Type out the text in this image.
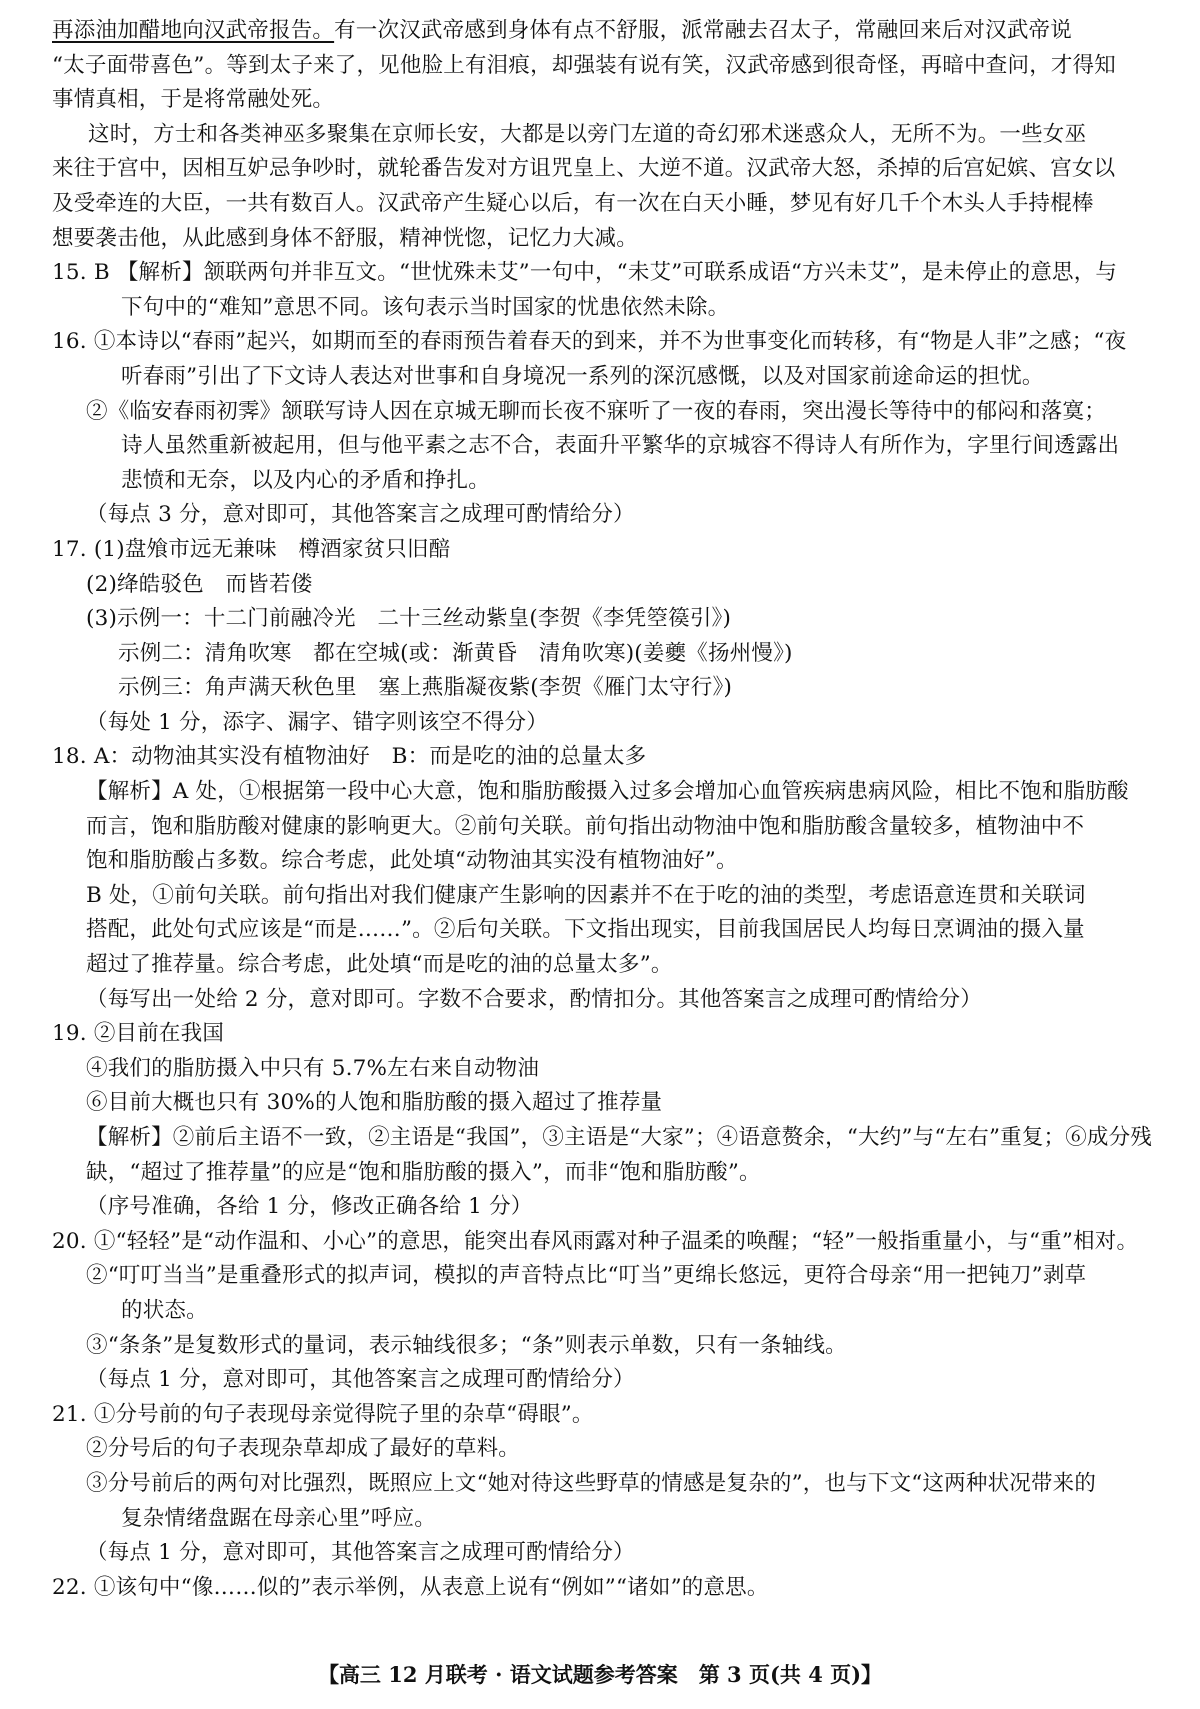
再添油加醋地向汉武帝报告。有一次汉武帝感到身体有点不舒服，派常融去召太子，常融回来后对汉武帝说
“太子面带喜色”。等到太子来了，见他脸上有泪痕，却强装有说有笑，汉武帝感到很奇怪，再暗中查问，才得知
事情真相，于是将常融处死。
这时，方士和各类神巫多聚集在京师长安，大都是以旁门左道的奇幻邪术迷惑众人，无所不为。一些女巫
来往于宫中，因相互妒忌争吵时，就轮番告发对方诅咒皇上、大逆不道。汉武帝大怒，杀掉的后宫妃嫔、宫女以
及受牵连的大臣，一共有数百人。汉武帝产生疑心以后，有一次在白天小睡，梦见有好几千个木头人手持棍棒
想要袭击他，从此感到身体不舒服，精神恍惚，记忆力大减。
15. B 【解析】颔联两句并非互文。“世忧殊未艾”一句中，“未艾”可联系成语“方兴未艾”，是未停止的意思，与
下句中的“难知”意思不同。该句表示当时国家的忧患依然未除。
16. ①本诗以“春雨”起兴，如期而至的春雨预告着春天的到来，并不为世事变化而转移，有“物是人非”之感；“夜
听春雨”引出了下文诗人表达对世事和自身境况一系列的深沉感慨，以及对国家前途命运的担忧。
②《临安春雨初霁》颔联写诗人因在京城无聊而长夜不寐听了一夜的春雨，突出漫长等待中的郁闷和落寞；
诗人虽然重新被起用，但与他平素之志不合，表面升平繁华的京城容不得诗人有所作为，字里行间透露出
悲愤和无奈，以及内心的矛盾和挣扎。
（每点 3 分，意对即可，其他答案言之成理可酌情给分）
17. (1)盘飧市远无兼味　樽酒家贫只旧醅
(2)绛皓驳色　而皆若偻
(3)示例一：十二门前融冷光　二十三丝动紫皇(李贺《李凭箜篌引》)
示例二：清角吹寒　都在空城(或：渐黄昏　清角吹寒)(姜夔《扬州慢》)
示例三：角声满天秋色里　塞上燕脂凝夜紫(李贺《雁门太守行》)
（每处 1 分，添字、漏字、错字则该空不得分）
18. A：动物油其实没有植物油好　B：而是吃的油的总量太多
【解析】A 处，①根据第一段中心大意，饱和脂肪酸摄入过多会增加心血管疾病患病风险，相比不饱和脂肪酸
而言，饱和脂肪酸对健康的影响更大。②前句关联。前句指出动物油中饱和脂肪酸含量较多，植物油中不
饱和脂肪酸占多数。综合考虑，此处填“动物油其实没有植物油好”。
B 处，①前句关联。前句指出对我们健康产生影响的因素并不在于吃的油的类型，考虑语意连贯和关联词
搭配，此处句式应该是“而是……”。②后句关联。下文指出现实，目前我国居民人均每日烹调油的摄入量
超过了推荐量。综合考虑，此处填“而是吃的油的总量太多”。
（每写出一处给 2 分，意对即可。字数不合要求，酌情扣分。其他答案言之成理可酌情给分）
19. ②目前在我国
④我们的脂肪摄入中只有 5.7%左右来自动物油
⑥目前大概也只有 30%的人饱和脂肪酸的摄入超过了推荐量
【解析】②前后主语不一致，②主语是“我国”，③主语是“大家”；④语意赘余，“大约”与“左右”重复；⑥成分残
缺，“超过了推荐量”的应是“饱和脂肪酸的摄入”，而非“饱和脂肪酸”。
（序号准确，各给 1 分，修改正确各给 1 分）
20. ①“轻轻”是“动作温和、小心”的意思，能突出春风雨露对种子温柔的唤醒；“轻”一般指重量小，与“重”相对。
②“叮叮当当”是重叠形式的拟声词，模拟的声音特点比“叮当”更绵长悠远，更符合母亲“用一把钝刀”剥草
的状态。
③“条条”是复数形式的量词，表示轴线很多；“条”则表示单数，只有一条轴线。
（每点 1 分，意对即可，其他答案言之成理可酌情给分）
21. ①分号前的句子表现母亲觉得院子里的杂草“碍眼”。
②分号后的句子表现杂草却成了最好的草料。
③分号前后的两句对比强烈，既照应上文“她对待这些野草的情感是复杂的”，也与下文“这两种状况带来的
复杂情绪盘踞在母亲心里”呼应。
（每点 1 分，意对即可，其他答案言之成理可酌情给分）
22. ①该句中“像……似的”表示举例，从表意上说有“例如”“诸如”的意思。
【高三 12 月联考 · 语文试题参考答案　第 3 页(共 4 页)】
